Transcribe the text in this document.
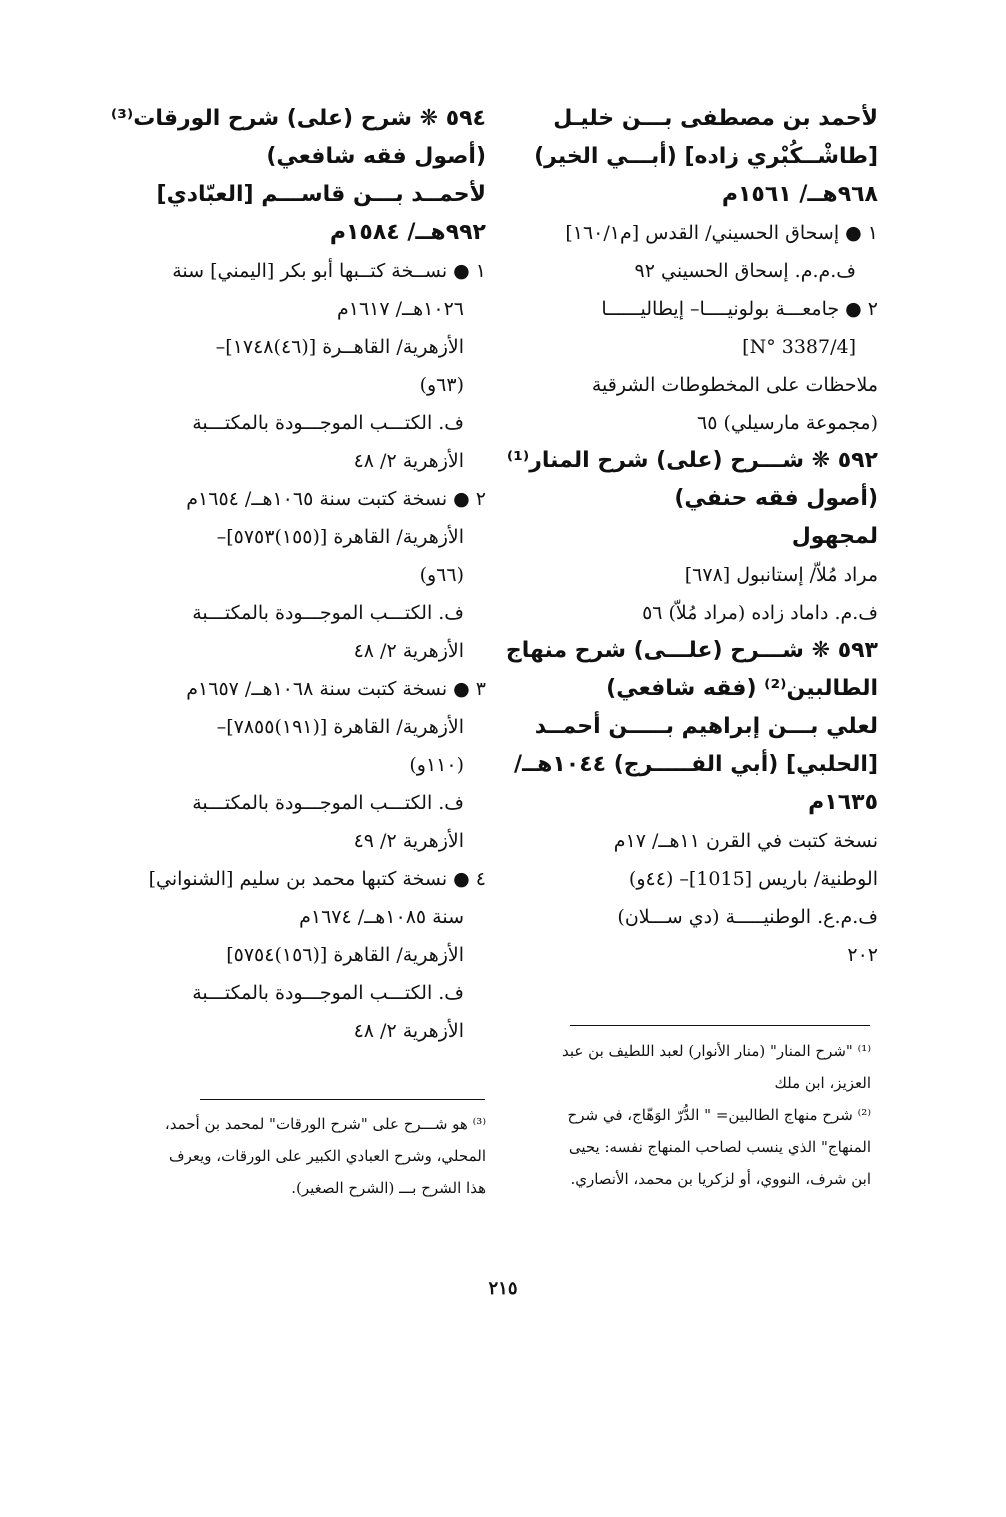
لأحمد بن مصطفى بـــن خليـل
[طاشْــكُبْري زاده] (أبـــي الخير)
٩٦٨هــ/ ١٥٦١م
١ ● إسحاق الحسيني/ القدس [م١٦٠/١]
ف.م.م. إسحاق الحسيني ٩٢
٢ ● جامعـــة بولونيــــا– إيطاليــــــا
[N° 3387/4]
ملاحظات على المخطوطات الشرقية
(مجموعة مارسيلي) ٦٥
٥٩٢ ❋ شـــرح (على) شرح المنار⁽¹⁾
(أصول فقه حنفي)
لمجهول
مراد مُلاّ/ إستانبول [٦٧٨]
ف.م. داماد زاده (مراد مُلاّ) ٥٦
٥٩٣ ❋ شـــرح (علـــى) شرح منهاج
الطالبين⁽²⁾ (فقه شافعي)
لعلي بـــن إبراهيم بـــــن أحمــد
[الحلبي] (أبي الفـــــرج) ١٠٤٤هــ/
١٦٣٥م
نسخة كتبت في القرن ١١هــ/ ١٧م
الوطنية/ باريس [1015]– (٤٤و)
ف.م.ع. الوطنيـــــة (دي ســـلان)
٢٠٢
٥٩٤ ❋ شرح (على) شرح الورقات⁽³⁾
(أصول فقه شافعي)
لأحمــد بـــن قاســـم [العبّادي]
٩٩٢هــ/ ١٥٨٤م
١ ● نســخة كتــبها أبو بكر [اليمني] سنة
١٠٢٦هــ/ ١٦١٧م
الأزهرية/ القاهــرة [(٤٦)١٧٤٨]–
(٦٣و)
ف. الكتـــب الموجـــودة بالمكتـــبة
الأزهرية ٢/ ٤٨
٢ ● نسخة كتبت سنة ١٠٦٥هــ/ ١٦٥٤م
الأزهرية/ القاهرة [(١٥٥)٥٧٥٣]–
(٦٦و)
ف. الكتـــب الموجـــودة بالمكتـــبة
الأزهرية ٢/ ٤٨
٣ ● نسخة كتبت سنة ١٠٦٨هــ/ ١٦٥٧م
الأزهرية/ القاهرة [(١٩١)٧٨٥٥]–
(١١٠و)
ف. الكتـــب الموجـــودة بالمكتـــبة
الأزهرية ٢/ ٤٩
٤ ● نسخة كتبها محمد بن سليم [الشنواني]
سنة ١٠٨٥هــ/ ١٦٧٤م
الأزهرية/ القاهرة [(١٥٦)٥٧٥٤]
ف. الكتـــب الموجـــودة بالمكتـــبة
الأزهرية ٢/ ٤٨
⁽¹⁾ "شرح المنار" (منار الأنوار) لعبد اللطيف بن عبد
العزيز، ابن ملك
⁽²⁾ شرح منهاج الطالبين= " الدُّرّ الوَهّاج، في شرح
المنهاج" الذي ينسب لصاحب المنهاج نفسه: يحيى
ابن شرف، النووي، أو لزكريا بن محمد، الأنصاري.
⁽³⁾ هو شـــرح على "شرح الورقات" لمحمد بن أحمد،
المحلي، وشرح العبادي الكبير على الورقات، ويعرف
هذا الشرح بـــ (الشرح الصغير).
٢١٥
